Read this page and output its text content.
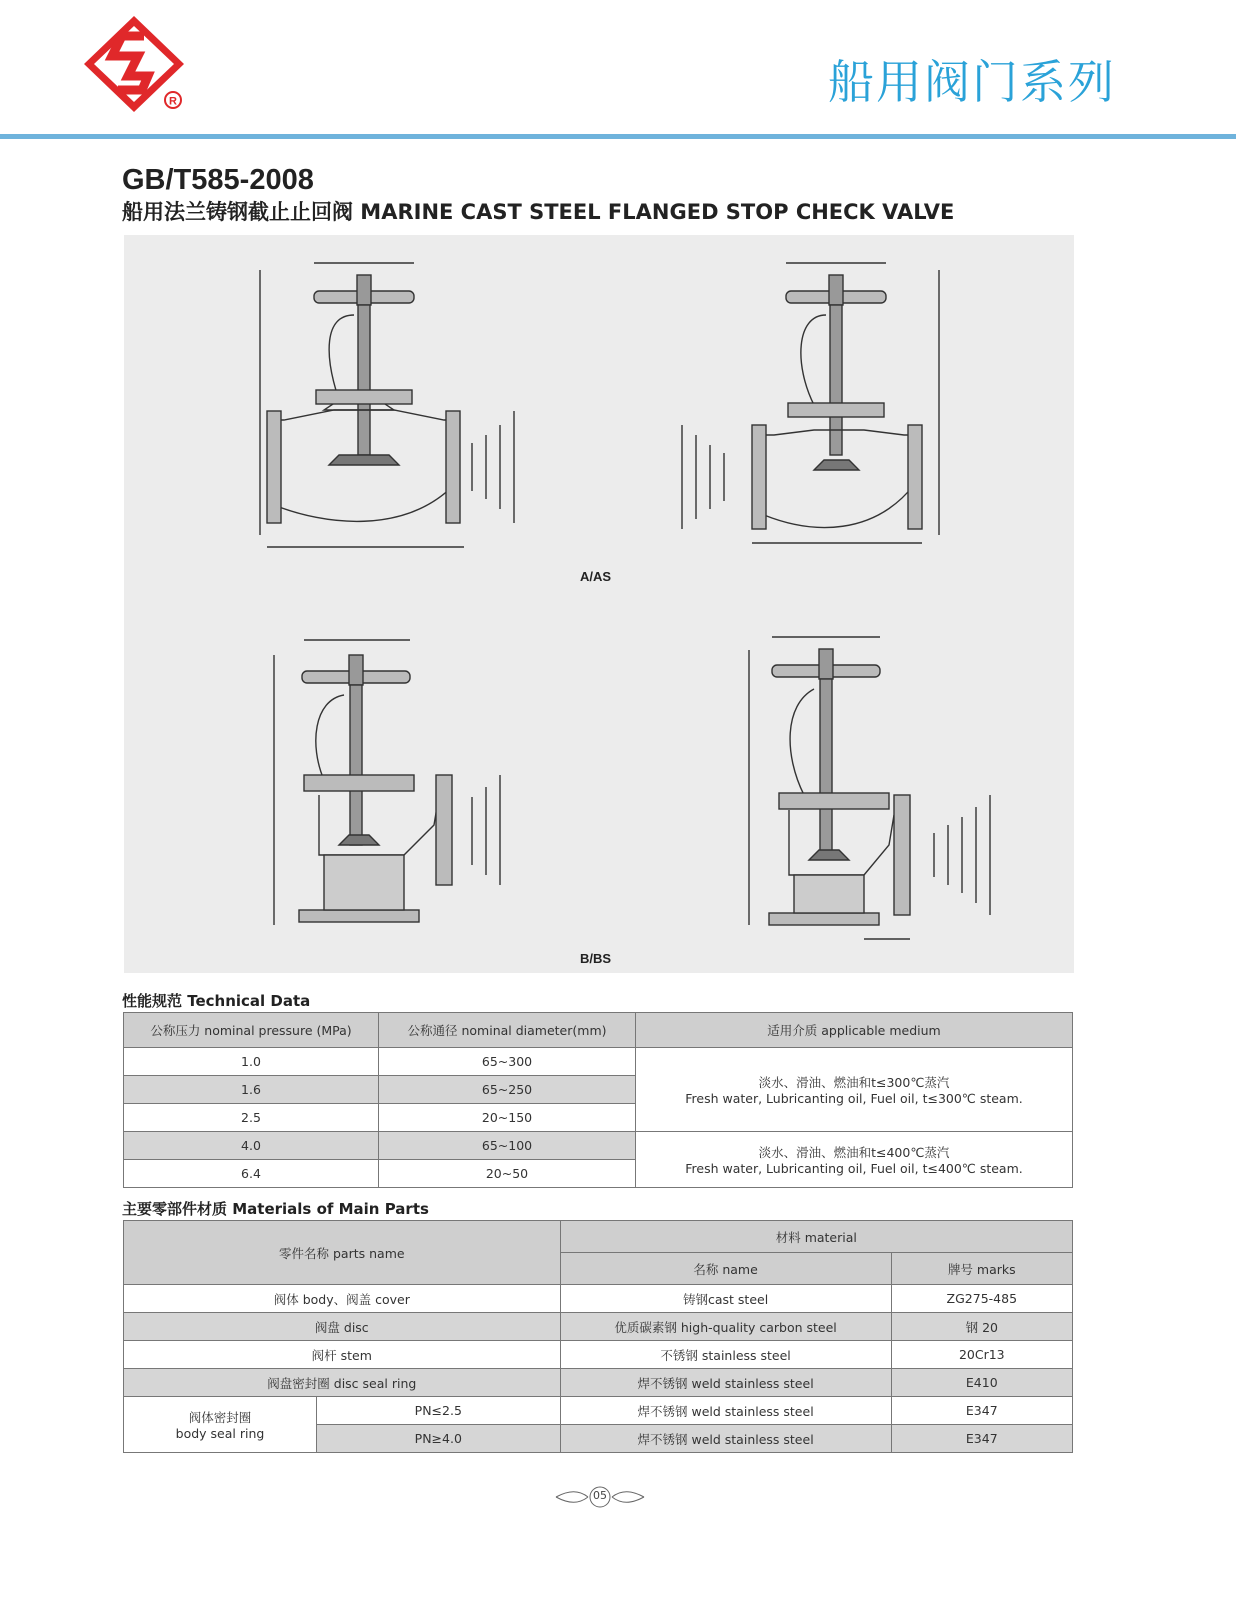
R	船用阀门系列
GB/T585-2008
船用法兰铸钢截止止回阀 MARINE CAST STEEL FLANGED STOP CHECK VALVE
A/AS
B/BS
性能规范 Technical Data
公称压力 nominal pressure (MPa)	公称通径 nominal diameter(mm)	适用介质 applicable medium
1.0	65~300	淡水、滑油、燃油和t≤300℃蒸汽
Fresh water, Lubricanting oil, Fuel oil, t≤300℃ steam.

1.6	65~250	
2.5	20~150	
4.0	65~100	淡水、滑油、燃油和t≤400℃蒸汽
Fresh water, Lubricanting oil, Fuel oil, t≤400℃ steam.

6.4	20~50	
主要零部件材质 Materials of Main Parts
零件名称 parts name		材料 material	
		名称 name	牌号 marks
阀体 body、阀盖 cover		铸钢cast steel	ZG275-485
阀盘 disc		优质碳素钢 high-quality carbon steel	钢 20
阀杆 stem		不锈钢 stainless steel	20Cr13
阀盘密封圈 disc seal ring		焊不锈钢 weld stainless steel	E410

阀体密封圈
body seal ring	PN≤2.5	焊不锈钢 weld stainless steel	E347
	PN≥4.0	焊不锈钢 weld stainless steel	E347
05
